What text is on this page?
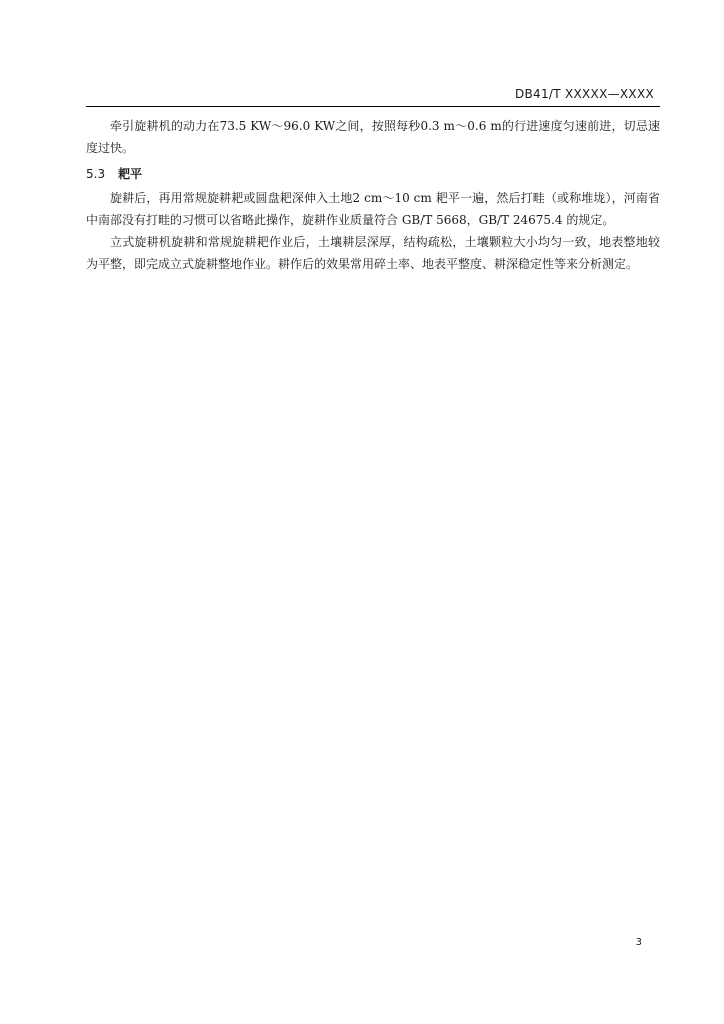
DB41/T XXXXX—XXXX

牵引旋耕机的动力在73.5 KW～96.0 KW之间，按照每秒0.3 m～0.6 m的行进速度匀速前进，切忌速度过快。

5.3 耙平

旋耕后，再用常规旋耕耙或圆盘耙深伸入土地2 cm～10 cm 耙平一遍，然后打畦（或称堆垅），河南省中南部没有打畦的习惯可以省略此操作，旋耕作业质量符合 GB/T 5668，GB/T 24675.4 的规定。

立式旋耕机旋耕和常规旋耕耙作业后，土壤耕层深厚，结构疏松，土壤颗粒大小均匀一致，地表整地较为平整，即完成立式旋耕整地作业。耕作后的效果常用碎土率、地表平整度、耕深稳定性等来分析测定。

3
